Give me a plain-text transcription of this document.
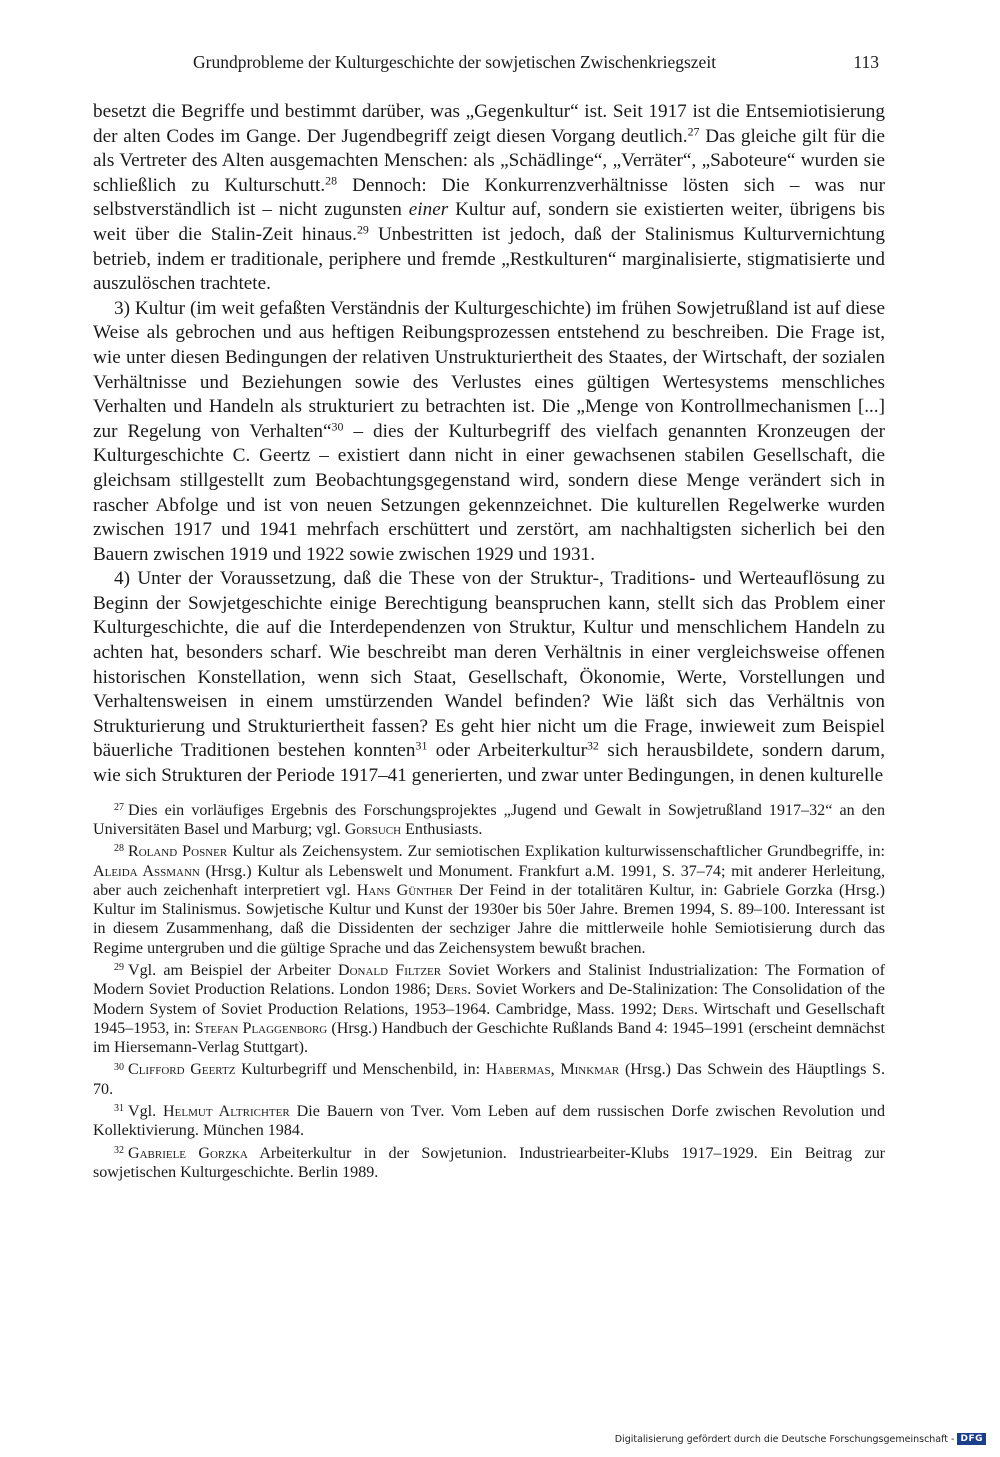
Grundprobleme der Kulturgeschichte der sowjetischen Zwischenkriegszeit	113

besetzt die Begriffe und bestimmt darüber, was „Gegenkultur“ ist. Seit 1917 ist die Entsemiotisierung der alten Codes im Gange. Der Jugendbegriff zeigt diesen Vorgang deutlich.$^{27}$ Das gleiche gilt für die als Vertreter des Alten ausgemachten Menschen: als „Schädlinge“, „Verräter“, „Saboteure“ wurden sie schließlich zu Kulturschutt.$^{28}$ Dennoch: Die Konkurrenzverhältnisse lösten sich – was nur selbstverständlich ist – nicht zugunsten einer Kultur auf, sondern sie existierten weiter, übrigens bis weit über die Stalin-Zeit hinaus.$^{29}$ Unbestritten ist jedoch, daß der Stalinismus Kulturvernichtung betrieb, indem er traditionale, periphere und fremde „Restkulturen“ marginalisierte, stigmatisierte und auszulöschen trachtete.

3) Kultur (im weit gefaßten Verständnis der Kulturgeschichte) im frühen Sowjetrußland ist auf diese Weise als gebrochen und aus heftigen Reibungsprozessen entstehend zu beschreiben. Die Frage ist, wie unter diesen Bedingungen der relativen Unstrukturiertheit des Staates, der Wirtschaft, der sozialen Verhältnisse und Beziehungen sowie des Verlustes eines gültigen Wertesystems menschliches Verhalten und Handeln als strukturiert zu betrachten ist. Die „Menge von Kontrollmechanismen [...] zur Regelung von Verhalten“$^{30}$ – dies der Kulturbegriff des vielfach genannten Kronzeugen der Kulturgeschichte C. Geertz – existiert dann nicht in einer gewachsenen stabilen Gesellschaft, die gleichsam stillgestellt zum Beobachtungsgegenstand wird, sondern diese Menge verändert sich in rascher Abfolge und ist von neuen Setzungen gekennzeichnet. Die kulturellen Regelwerke wurden zwischen 1917 und 1941 mehrfach erschüttert und zerstört, am nachhaltigsten sicherlich bei den Bauern zwischen 1919 und 1922 sowie zwischen 1929 und 1931.

4) Unter der Voraussetzung, daß die These von der Struktur-, Traditions- und Werteauflösung zu Beginn der Sowjetgeschichte einige Berechtigung beanspruchen kann, stellt sich das Problem einer Kulturgeschichte, die auf die Interdependenzen von Struktur, Kultur und menschlichem Handeln zu achten hat, besonders scharf. Wie beschreibt man deren Verhältnis in einer vergleichsweise offenen historischen Konstellation, wenn sich Staat, Gesellschaft, Ökonomie, Werte, Vorstellungen und Verhaltensweisen in einem umstürzenden Wandel befinden? Wie läßt sich das Verhältnis von Strukturierung und Strukturiertheit fassen? Es geht hier nicht um die Frage, inwieweit zum Beispiel bäuerliche Traditionen bestehen konnten$^{31}$ oder Arbeiterkultur$^{32}$ sich herausbildete, sondern darum, wie sich Strukturen der Periode 1917–41 generierten, und zwar unter Bedingungen, in denen kulturelle

$^{27}$ Dies ein vorläufiges Ergebnis des Forschungsprojektes „Jugend und Gewalt in Sowjetrußland 1917–32“ an den Universitäten Basel und Marburg; vgl. Gorsuch Enthusiasts.
$^{28}$ Roland Posner Kultur als Zeichensystem. Zur semiotischen Explikation kulturwissenschaftlicher Grundbegriffe, in: Aleida Assmann (Hrsg.) Kultur als Lebenswelt und Monument. Frankfurt a.M. 1991, S. 37–74; mit anderer Herleitung, aber auch zeichenhaft interpretiert vgl. Hans Günther Der Feind in der totalitären Kultur, in: Gabriele Gorzka (Hrsg.) Kultur im Stalinismus. Sowjetische Kultur und Kunst der 1930er bis 50er Jahre. Bremen 1994, S. 89–100. Interessant ist in diesem Zusammenhang, daß die Dissidenten der sechziger Jahre die mittlerweile hohle Semiotisierung durch das Regime untergruben und die gültige Sprache und das Zeichensystem bewußt brachen.
$^{29}$ Vgl. am Beispiel der Arbeiter Donald Filtzer Soviet Workers and Stalinist Industrialization: The Formation of Modern Soviet Production Relations. London 1986; Ders. Soviet Workers and De-Stalinization: The Consolidation of the Modern System of Soviet Production Relations, 1953–1964. Cambridge, Mass. 1992; Ders. Wirtschaft und Gesellschaft 1945–1953, in: Stefan Plaggenborg (Hrsg.) Handbuch der Geschichte Rußlands Band 4: 1945–1991 (erscheint demnächst im Hiersemann-Verlag Stuttgart).
$^{30}$ Clifford Geertz Kulturbegriff und Menschenbild, in: Habermas, Minkmar (Hrsg.) Das Schwein des Häuptlings S. 70.
$^{31}$ Vgl. Helmut Altrichter Die Bauern von Tver. Vom Leben auf dem russischen Dorfe zwischen Revolution und Kollektivierung. München 1984.
$^{32}$ Gabriele Gorzka Arbeiterkultur in der Sowjetunion. Industriearbeiter-Klubs 1917–1929. Ein Beitrag zur sowjetischen Kulturgeschichte. Berlin 1989.
Digitalisierung gefördert durch die Deutsche Forschungsgemeinschaft - DFG
